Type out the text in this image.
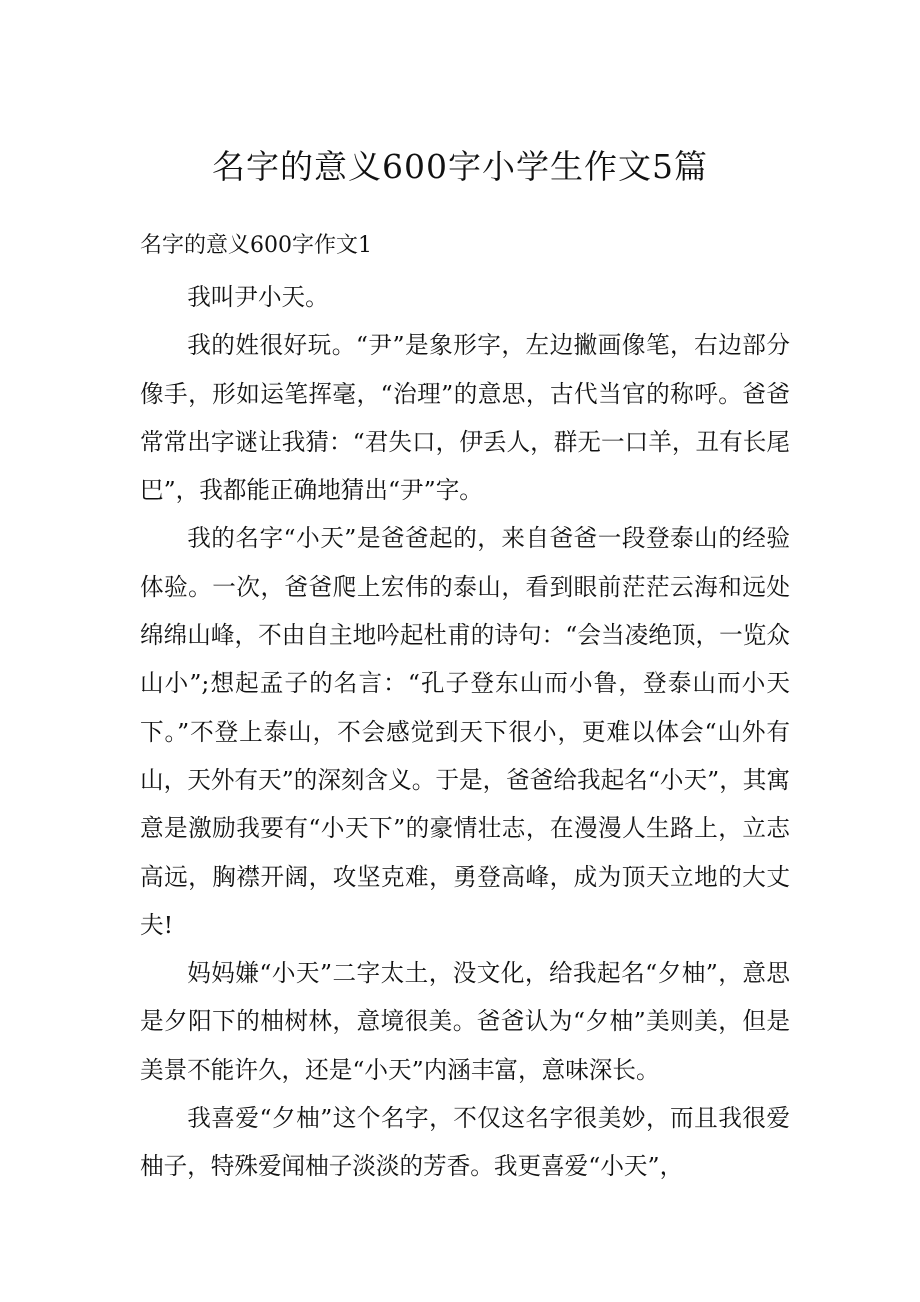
名字的意义600字小学生作文5篇
名字的意义600字作文1

我叫尹小天。

我的姓很好玩。“尹”是象形字，左边撇画像笔，右边部分像手，形如运笔挥毫，“治理”的意思，古代当官的称呼。爸爸常常出字谜让我猜：“君失口，伊丢人，群无一口羊，丑有长尾巴”，我都能正确地猜出“尹”字。

我的名字“小天”是爸爸起的，来自爸爸一段登泰山的经验体验。一次，爸爸爬上宏伟的泰山，看到眼前茫茫云海和远处绵绵山峰，不由自主地吟起杜甫的诗句：“会当凌绝顶，一览众山小”;想起孟子的名言：“孔子登东山而小鲁，登泰山而小天下。”不登上泰山，不会感觉到天下很小，更难以体会“山外有山，天外有天”的深刻含义。于是，爸爸给我起名“小天”，其寓意是激励我要有“小天下”的豪情壮志，在漫漫人生路上，立志高远，胸襟开阔，攻坚克难，勇登高峰，成为顶天立地的大丈夫!

妈妈嫌“小天”二字太土，没文化，给我起名“夕柚”，意思是夕阳下的柚树林，意境很美。爸爸认为“夕柚”美则美，但是美景不能许久，还是“小天”内涵丰富，意味深长。

我喜爱“夕柚”这个名字，不仅这名字很美妙，而且我很爱柚子，特殊爱闻柚子淡淡的芳香。我更喜爱“小天”，
